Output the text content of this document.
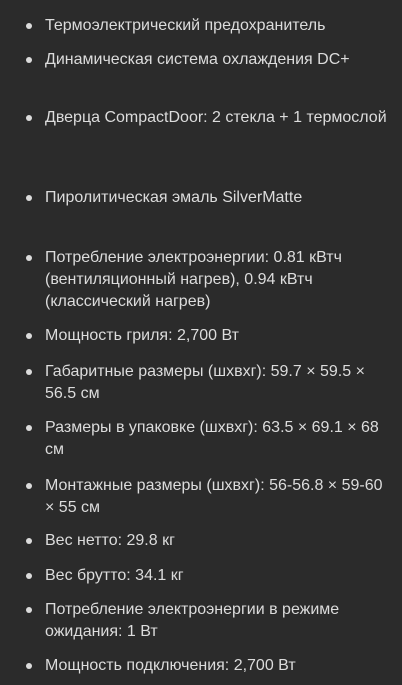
Термоэлектрический предохранитель
Динамическая система охлаждения DC+
Дверца CompactDoor: 2 стекла + 1 термослой
Пиролитическая эмаль SilverMatte
Потребление электроэнергии: 0.81 кВтч (вентиляционный нагрев), 0.94 кВтч (классический нагрев)
Мощность гриля: 2,700 Вт
Габаритные размеры (шхвхг): 59.7 × 59.5 × 56.5 см
Размеры в упаковке (шхвхг): 63.5 × 69.1 × 68 см
Монтажные размеры (шхвхг): 56-56.8 × 59-60 × 55 см
Вес нетто: 29.8 кг
Вес брутто: 34.1 кг
Потребление электроэнергии в режиме ожидания: 1 Вт
Мощность подключения: 2,700 Вт
